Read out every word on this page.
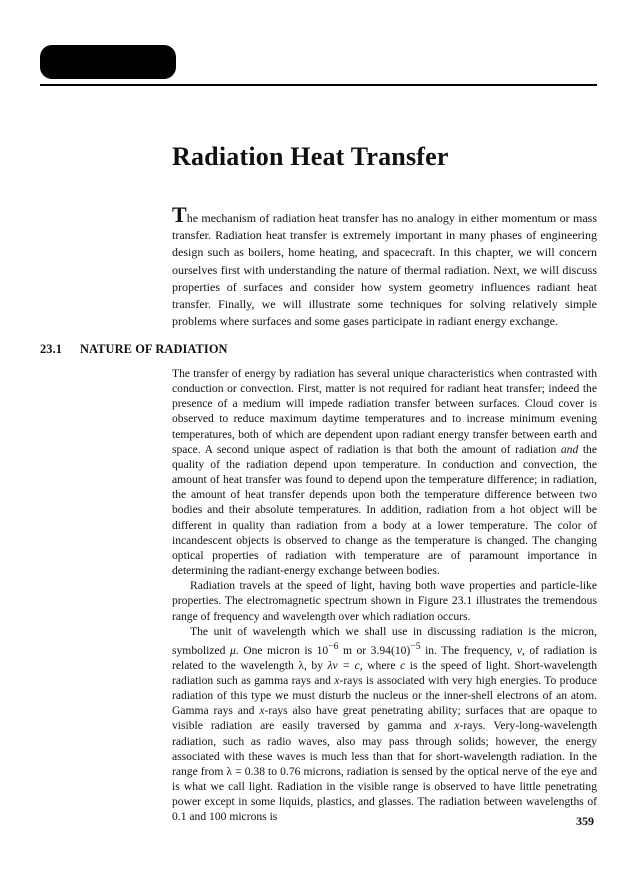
Radiation Heat Transfer
The mechanism of radiation heat transfer has no analogy in either momentum or mass transfer. Radiation heat transfer is extremely important in many phases of engineering design such as boilers, home heating, and spacecraft. In this chapter, we will concern ourselves first with understanding the nature of thermal radiation. Next, we will discuss properties of surfaces and consider how system geometry influences radiant heat transfer. Finally, we will illustrate some techniques for solving relatively simple problems where surfaces and some gases participate in radiant energy exchange.
23.1 NATURE OF RADIATION

The transfer of energy by radiation has several unique characteristics when contrasted with conduction or convection. First, matter is not required for radiant heat transfer; indeed the presence of a medium will impede radiation transfer between surfaces. Cloud cover is observed to reduce maximum daytime temperatures and to increase minimum evening temperatures, both of which are dependent upon radiant energy transfer between earth and space. A second unique aspect of radiation is that both the amount of radiation and the quality of the radiation depend upon temperature. In conduction and convection, the amount of heat transfer was found to depend upon the temperature difference; in radiation, the amount of heat transfer depends upon both the temperature difference between two bodies and their absolute temperatures. In addition, radiation from a hot object will be different in quality than radiation from a body at a lower temperature. The color of incandescent objects is observed to change as the temperature is changed. The changing optical properties of radiation with temperature are of paramount importance in determining the radiant-energy exchange between bodies.

Radiation travels at the speed of light, having both wave properties and particle-like properties. The electromagnetic spectrum shown in Figure 23.1 illustrates the tremendous range of frequency and wavelength over which radiation occurs.

The unit of wavelength which we shall use in discussing radiation is the micron, symbolized μ. One micron is $10^{-6}$ m or $3.94(10)^{-5}$ in. The frequency, ν, of radiation is related to the wavelength λ, by λν = c, where c is the speed of light. Short-wavelength radiation such as gamma rays and x-rays is associated with very high energies. To produce radiation of this type we must disturb the nucleus or the inner-shell electrons of an atom. Gamma rays and x-rays also have great penetrating ability; surfaces that are opaque to visible radiation are easily traversed by gamma and x-rays. Very-long-wavelength radiation, such as radio waves, also may pass through solids; however, the energy associated with these waves is much less than that for short-wavelength radiation. In the range from λ = 0.38 to 0.76 microns, radiation is sensed by the optical nerve of the eye and is what we call light. Radiation in the visible range is observed to have little penetrating power except in some liquids, plastics, and glasses. The radiation between wavelengths of 0.1 and 100 microns is	359
